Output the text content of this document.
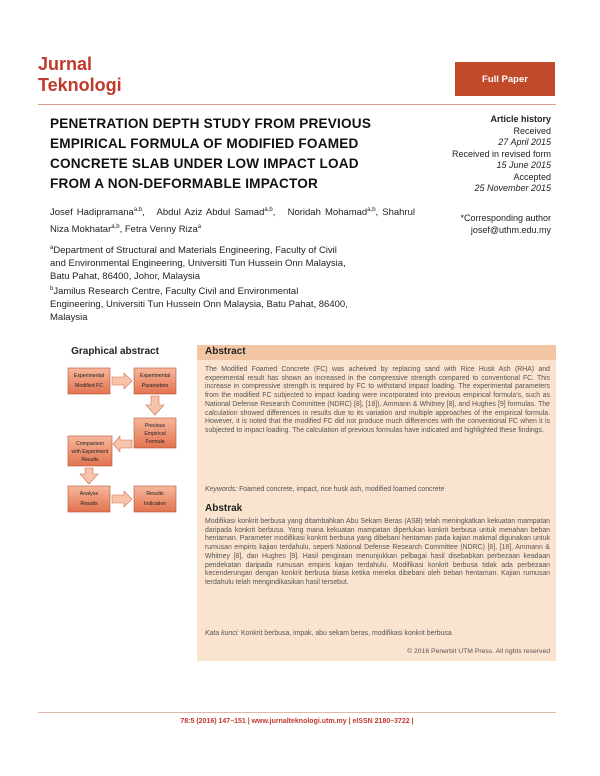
Jurnal
Teknologi	Full Paper
PENETRATION DEPTH STUDY FROM PREVIOUS
EMPIRICAL FORMULA OF MODIFIED FOAMED
CONCRETE SLAB UNDER LOW IMPACT LOAD
FROM A NON-DEFORMABLE IMPACTOR
Article history
Received
27 April 2015
Received in revised form
15 June 2015
Accepted
25 November 2015
*Corresponding author
josef@uthm.edu.my
Josef Hadipramana$^{a,b}$,   Abdul Aziz Abdul Samad$^{a,b}$,   Noridah Mohamad$^{a,b}$, Shahrul Niza Mokhatar$^{a,b}$, Fetra Venny Riza$^a$
$^a$Department of Structural and Materials Engineering, Faculty of Civil
and Environmental Engineering, Universiti Tun Hussein Onn Malaysia,
Batu Pahat, 86400, Johor, Malaysia
$^b$Jamilus Research Centre, Faculty Civil and Environmental
Engineering, Universiti Tun Hussein Onn Malaysia, Batu Pahat, 86400,
Malaysia
Graphical abstract
Experimental
Modified FC
Experimental
Parameters
Previous
Empirical
Formula
Comparison
with Experiment
Results
Analyse
Results
Results
Indication
Abstract
The Modified Foamed Concrete (FC) was acheived by replacing sand with Rice Husk Ash (RHA) and experimental result has shown an increased in the compressive strength compared to conventional FC. This increase in compressive strength is required by FC to withstand impact loading. The experimental parameters from the modified FC subjected to impact loading were incorporated into previous empirical formula's, such as National Defense Research Committee (NDRC) [8], [18]), Ammann & Whitney [8], and Hughes [9] formulas. The calculation showed differences in results due to its variation and multiple approaches of the empirical formula. However, it is noted that the modified FC did not produce much differences with the conventional FC when it is subjected to impact loading. The calculation of previous formulas have indicated and highlighted these findings.
Keywords: Foamed concrete, impact, rice husk ash, modified foamed concrete
Abstrak
Modifikasi konkrit berbusa yang ditambahkan Abu Sekam Beras (ASB) telah meningkatkan kekuatan mampatan daripada konkrit berbusa. Yang mana kekuatan mampatan diperlukan konkrit berbusa untuk menahan beban hentaman. Parameter modifikasi konkrit berbusa yang dibebani hentaman pada kajian makmal digunakan untuk rumusan empiris kajian terdahulu, seperti National Defense Research Committee (NDRC) [8], [18], Ammann & Whitney [8], dan Hughes [9]. Hasil pengiraan menunjukkan pelbagai hasil disebabkan perbezaan keadaan pendekatan daripada rumusan empiris kajian terdahulu. Modifikasi konkrit berbusa tidak ada perbezaan kecenderungan dengan konkrit berbusa biasa ketika mereka dibebani oleh beban hentaman. Kajian rumusan terdahulu telah mengindikasikan hasil tersebut.
Kata kunci: Konkrit berbusa, impak, abu sekam beras, modifikasi konkrit berbusa
© 2016 Penerbit UTM Press. All rights reserved
78:5 (2016) 147–151 | www.jurnalteknologi.utm.my | eISSN 2180–3722 |
